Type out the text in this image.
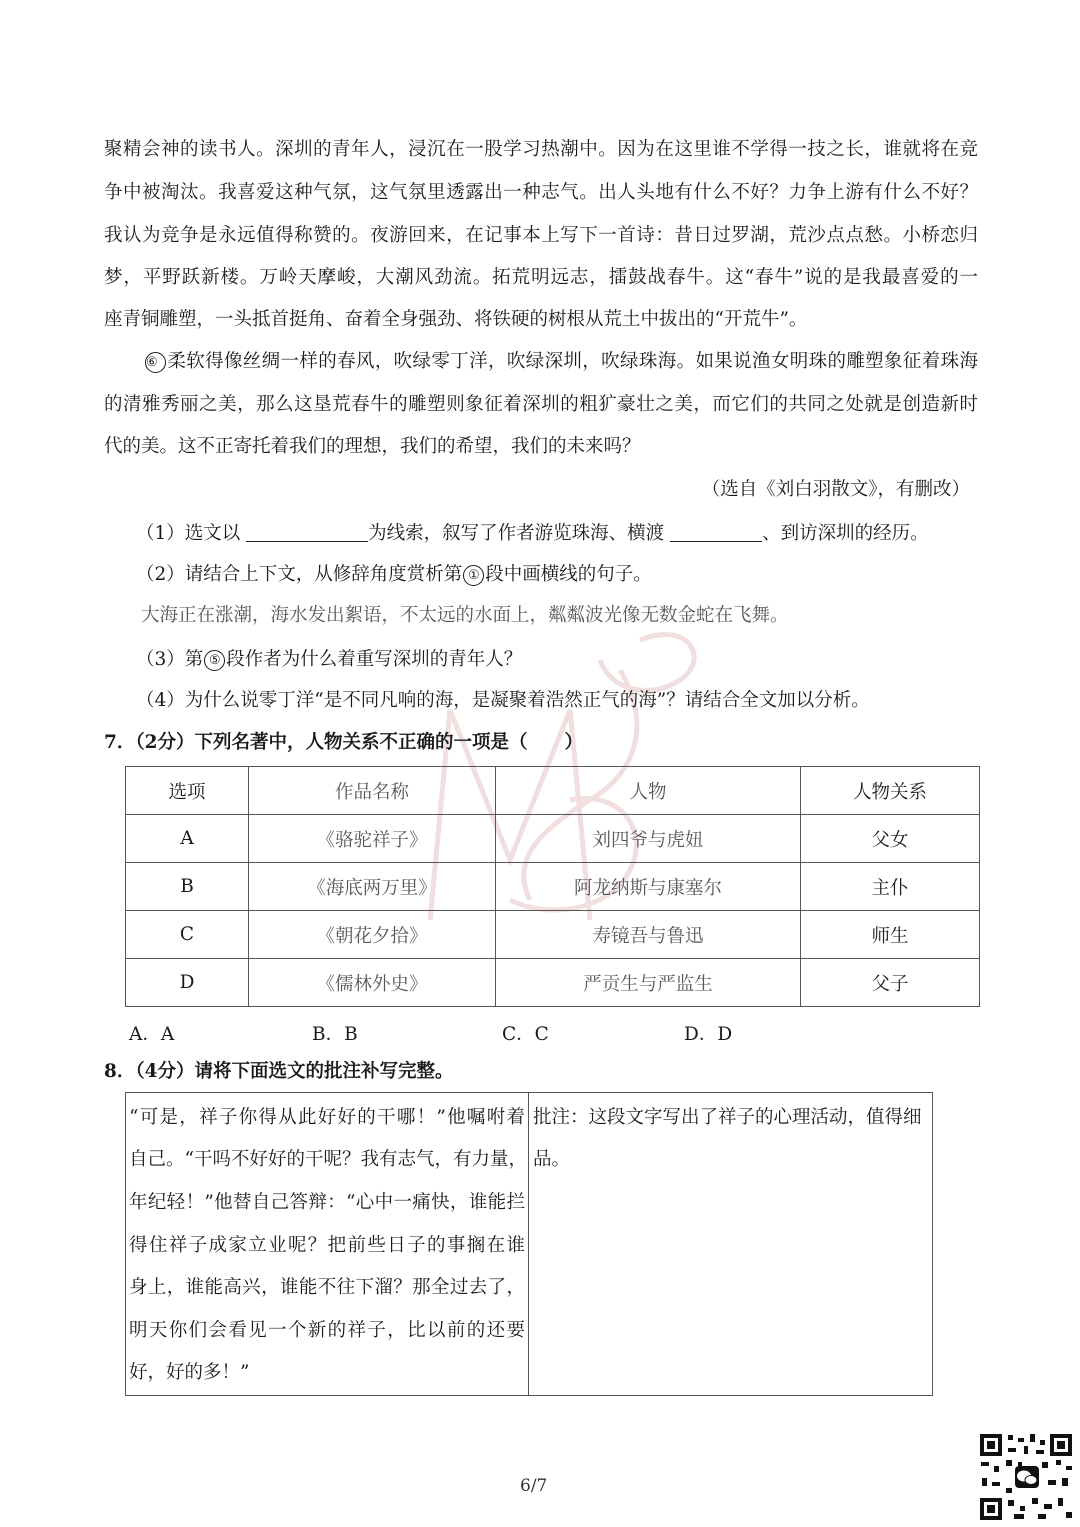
聚精会神的读书人。深圳的青年人，浸沉在一股学习热潮中。因为在这里谁不学得一技之长，谁就将在竞
争中被淘汰。我喜爱这种气氛，这气氛里透露出一种志气。出人头地有什么不好？力争上游有什么不好？
我认为竞争是永远值得称赞的。夜游回来，在记事本上写下一首诗：昔日过罗湖，荒沙点点愁。小桥恋归
梦，平野跃新楼。万岭天摩峻，大潮风劲流。拓荒明远志，擂鼓战春牛。这“春牛”说的是我最喜爱的一
座青铜雕塑，一头抵首挺角、奋着全身强劲、将铁硬的树根从荒土中拔出的“开荒牛”。
⑥ 柔软得像丝绸一样的春风，吹绿零丁洋，吹绿深圳，吹绿珠海。如果说渔女明珠的雕塑象征着珠海
的清雅秀丽之美，那么这垦荒春牛的雕塑则象征着深圳的粗犷豪壮之美，而它们的共同之处就是创造新时
代的美。这不正寄托着我们的理想，我们的希望，我们的未来吗？
（选自《刘白羽散文》，有删改）
（1）选文以	为线索，叙写了作者游览珠海、横渡	、到访深圳的经历。
（2）请结合上下文，从修辞角度赏析第 ① 段中画横线的句子。
大海正在涨潮，海水发出絮语，不太远的水面上，粼粼波光像无数金蛇在飞舞。
（3）第 ⑤ 段作者为什么着重写深圳的青年人？
（4）为什么说零丁洋“是不同凡响的海，是凝聚着浩然正气的海”？请结合全文加以分析。
7．（2分）下列名著中，人物关系不正确的一项是（　　）
选项	作品名称	人物	人物关系
A	《骆驼祥子》	刘四爷与虎妞	父女
B	《海底两万里》	阿龙纳斯与康塞尔	主仆
C	《朝花夕拾》	寿镜吾与鲁迅	师生
D	《儒林外史》	严贡生与严监生	父子
A．A	B．B	C．C	D．D
8．（4分）请将下面选文的批注补写完整。
“可是，祥子你得从此好好的干哪！”他嘱咐着
自己。“干吗不好好的干呢？我有志气，有力量，
年纪轻！”他替自己答辩：“心中一痛快，谁能拦
得住祥子成家立业呢？把前些日子的事搁在谁
身上，谁能高兴，谁能不往下溜？那全过去了，
明天你们会看见一个新的祥子，比以前的还要
好，好的多！”
批注：这段文字写出了祥子的心理活动，值得细
品。
6/7
